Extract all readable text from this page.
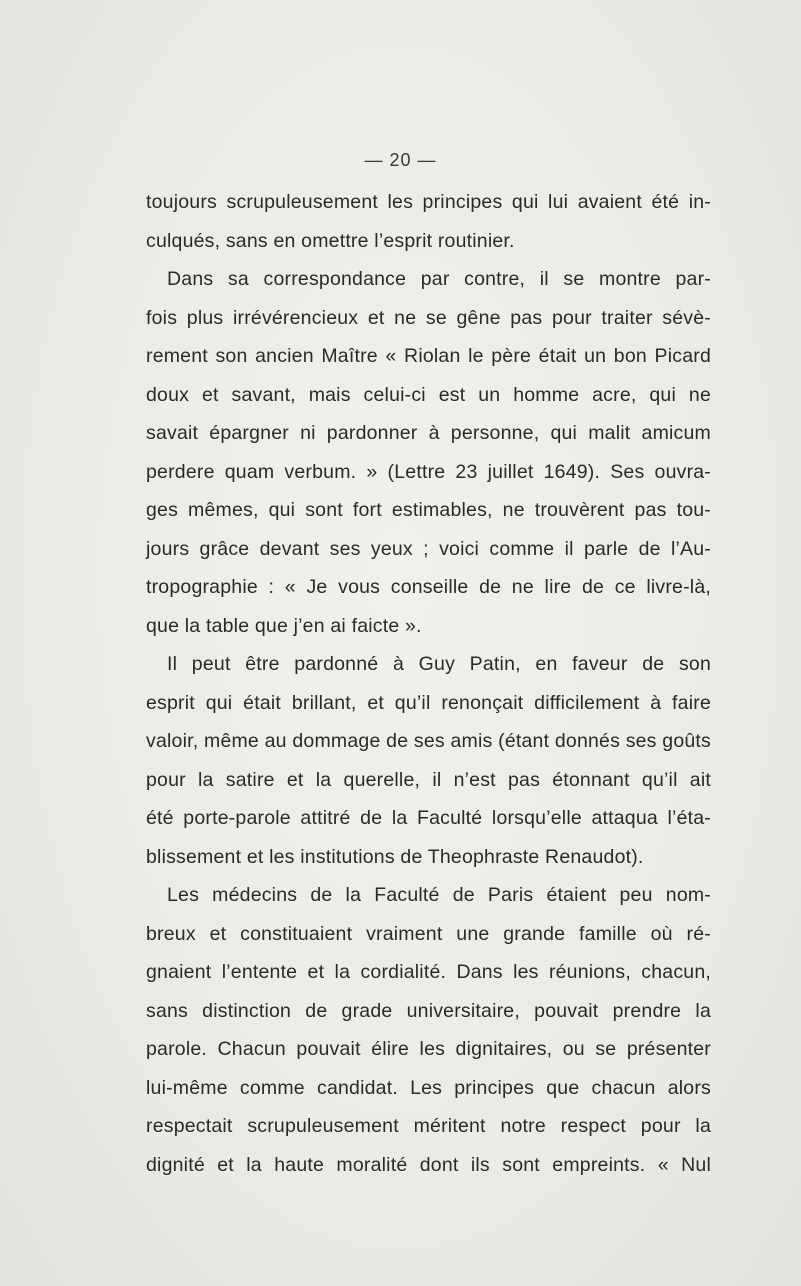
— 20 —
toujours scrupuleusement les principes qui lui avaient été in-
culqués, sans en omettre l’esprit routinier.
Dans sa correspondance par contre, il se montre par-
fois plus irrévérencieux et ne se gêne pas pour traiter sévè-
rement son ancien Maître « Riolan le père était un bon Picard
doux et savant, mais celui-ci est un homme acre, qui ne
savait épargner ni pardonner à personne, qui malit amicum
perdere quam verbum. » (Lettre 23 juillet 1649). Ses ouvra-
ges mêmes, qui sont fort estimables, ne trouvèrent pas tou-
jours grâce devant ses yeux ; voici comme il parle de l’Au-
tropographie : « Je vous conseille de ne lire de ce livre-là,
que la table que j’en ai faicte ».
Il peut être pardonné à Guy Patin, en faveur de son
esprit qui était brillant, et qu’il renonçait difficilement à faire
valoir, même au dommage de ses amis (étant donnés ses goûts
pour la satire et la querelle, il n’est pas étonnant qu’il ait
été porte-parole attitré de la Faculté lorsqu’elle attaqua l’éta-
blissement et les institutions de Theophraste Renaudot).
Les médecins de la Faculté de Paris étaient peu nom-
breux et constituaient vraiment une grande famille où ré-
gnaient l’entente et la cordialité. Dans les réunions, chacun,
sans distinction de grade universitaire, pouvait prendre la
parole. Chacun pouvait élire les dignitaires, ou se présenter
lui-même comme candidat. Les principes que chacun alors
respectait scrupuleusement méritent notre respect pour la
dignité et la haute moralité dont ils sont empreints. « Nul
